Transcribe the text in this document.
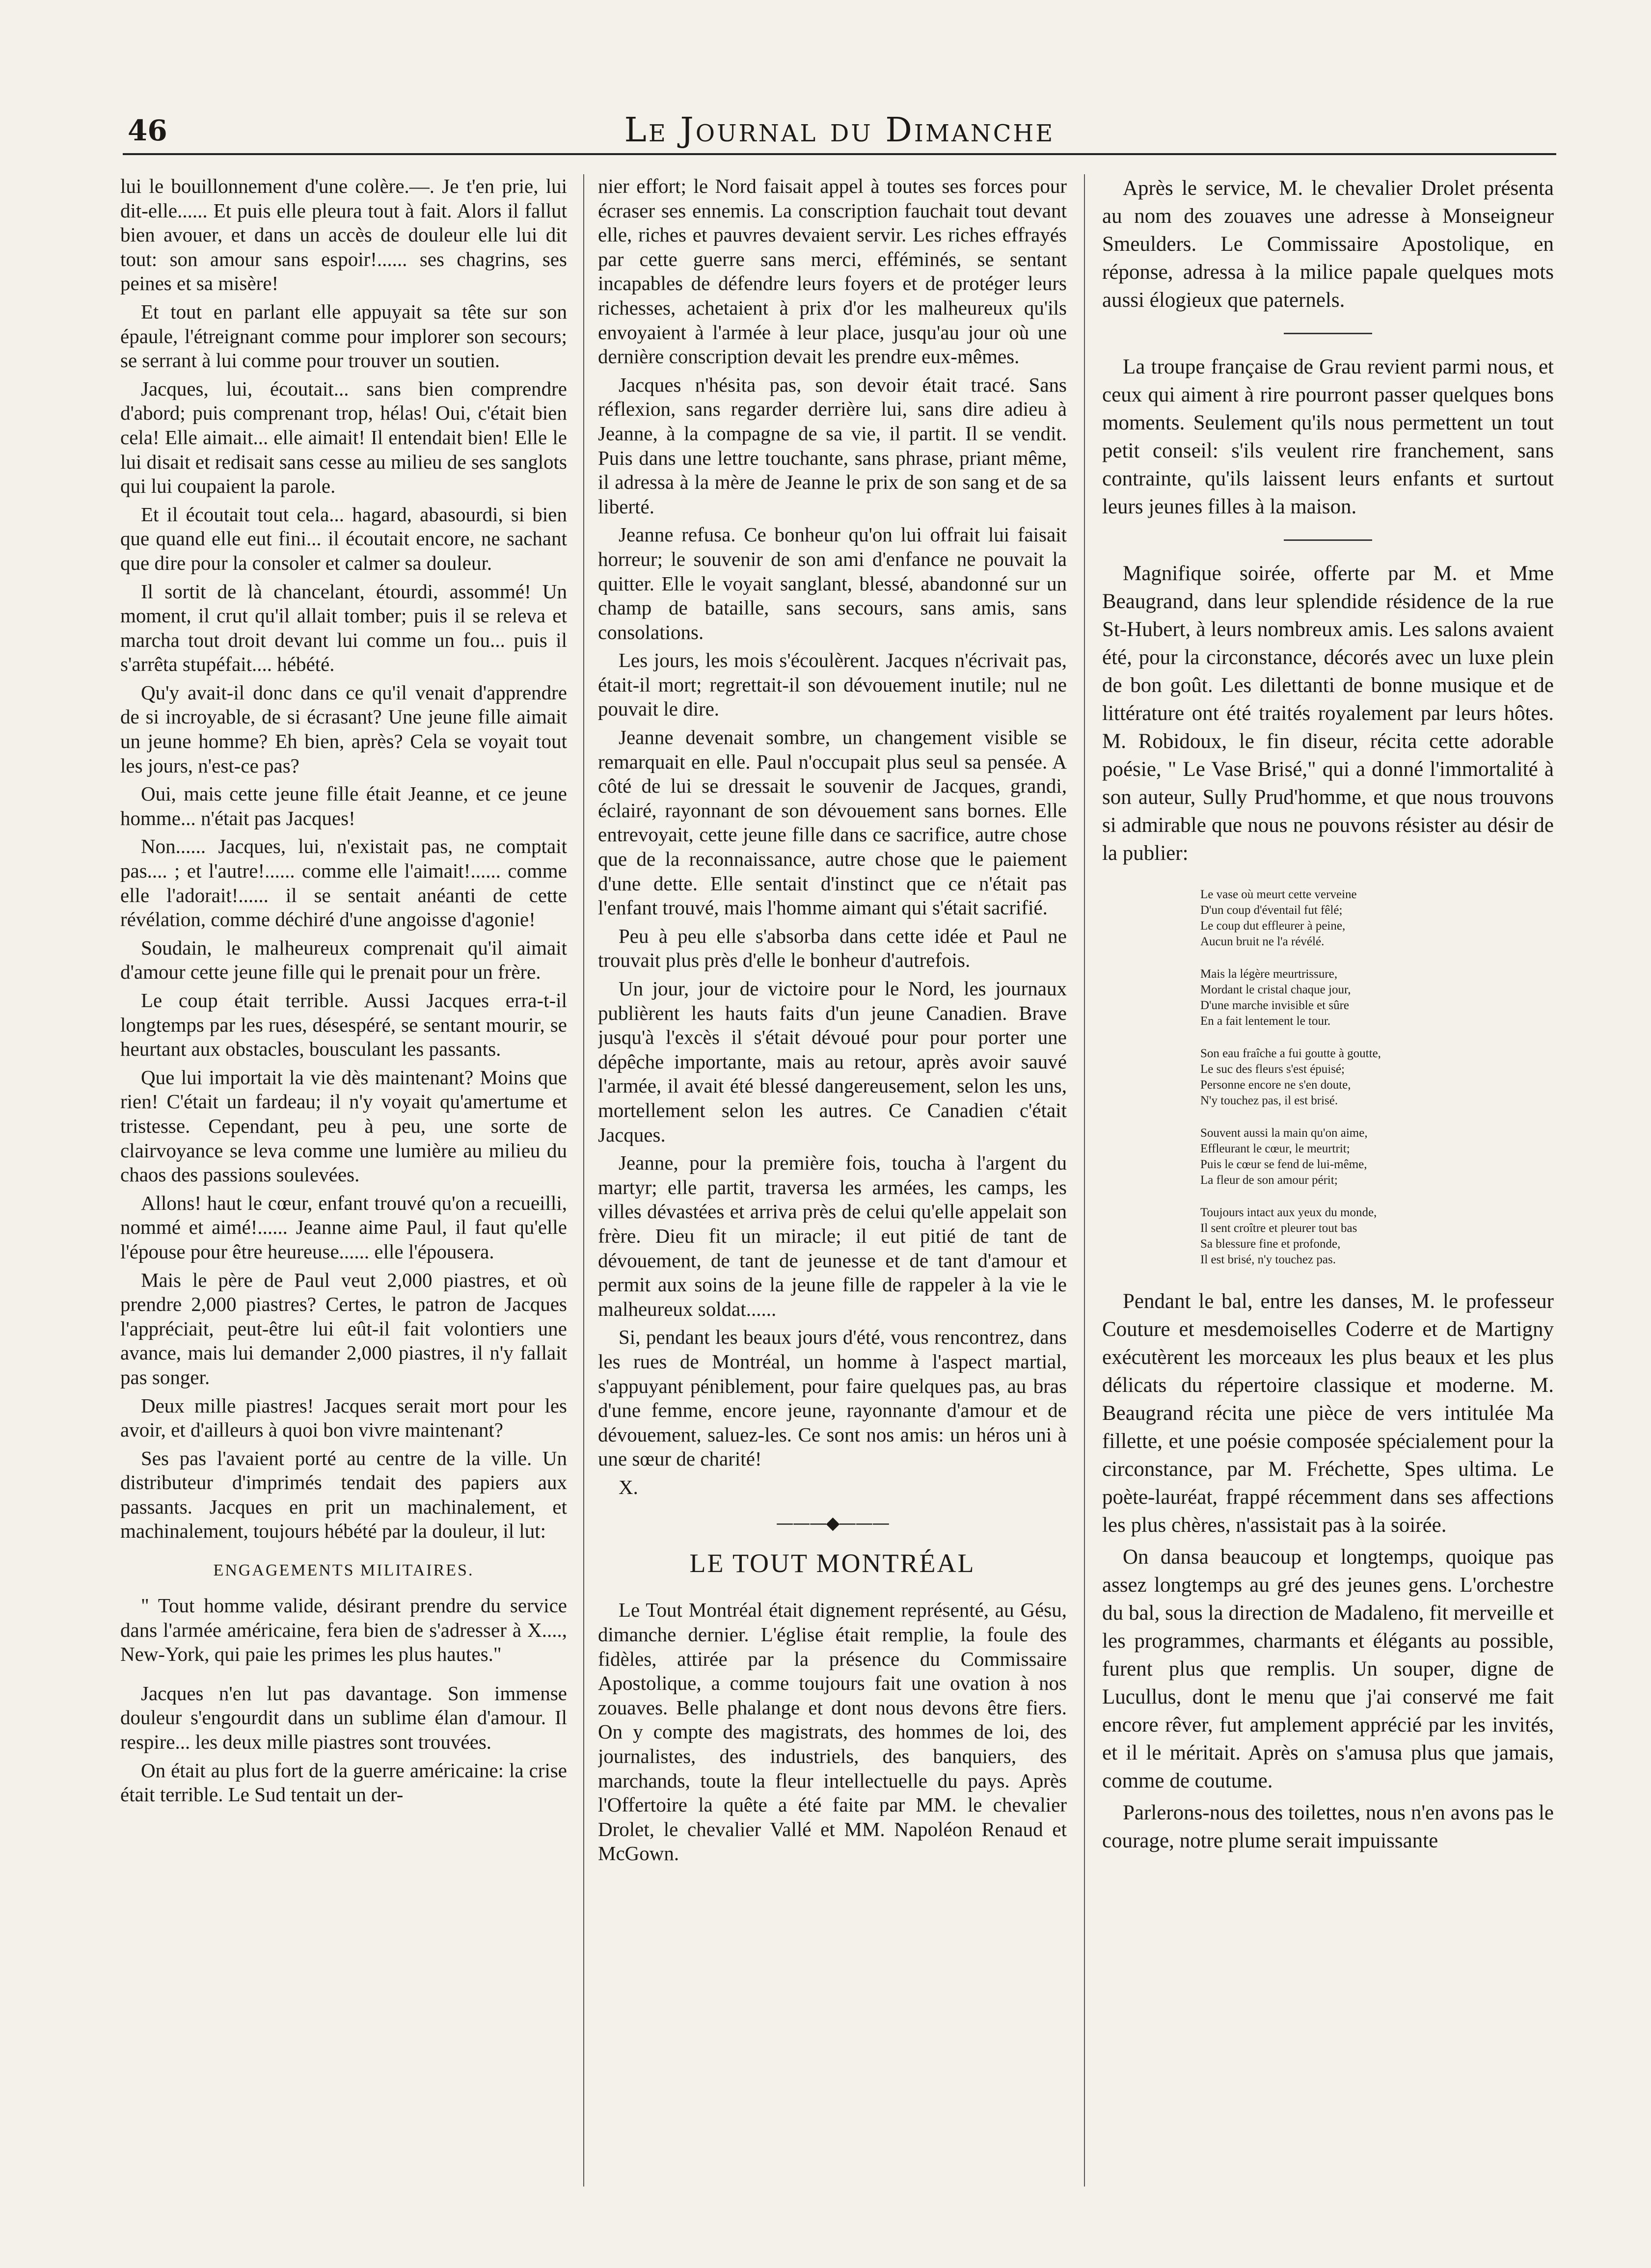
46	Le Journal du Dimanche

lui le bouillonnement d'une colère.—. Je t'en prie, lui dit-elle...... Et puis elle pleura tout à fait. Alors il fallut bien avouer, et dans un accès de douleur elle lui dit tout: son amour sans espoir!...... ses chagrins, ses peines et sa misère!

Et tout en parlant elle appuyait sa tête sur son épaule, l'étreignant comme pour implorer son secours; se serrant à lui comme pour trouver un soutien.

Jacques, lui, écoutait... sans bien comprendre d'abord; puis comprenant trop, hélas! Oui, c'était bien cela! Elle aimait... elle aimait! Il entendait bien! Elle le lui disait et redisait sans cesse au milieu de ses sanglots qui lui coupaient la parole.

Et il écoutait tout cela... hagard, abasourdi, si bien que quand elle eut fini... il écoutait encore, ne sachant que dire pour la consoler et calmer sa douleur.

Il sortit de là chancelant, étourdi, assommé! Un moment, il crut qu'il allait tomber; puis il se releva et marcha tout droit devant lui comme un fou... puis il s'arrêta stupéfait.... hébété.

Qu'y avait-il donc dans ce qu'il venait d'apprendre de si incroyable, de si écrasant? Une jeune fille aimait un jeune homme? Eh bien, après? Cela se voyait tout les jours, n'est-ce pas?

Oui, mais cette jeune fille était Jeanne, et ce jeune homme... n'était pas Jacques!

Non...... Jacques, lui, n'existait pas, ne comptait pas.... ; et l'autre!...... comme elle l'aimait!...... comme elle l'adorait!...... il se sentait anéanti de cette révélation, comme déchiré d'une angoisse d'agonie!

Soudain, le malheureux comprenait qu'il aimait d'amour cette jeune fille qui le prenait pour un frère.

Le coup était terrible. Aussi Jacques erra-t-il longtemps par les rues, désespéré, se sentant mourir, se heurtant aux obstacles, bousculant les passants.

Que lui importait la vie dès maintenant? Moins que rien! C'était un fardeau; il n'y voyait qu'amertume et tristesse. Cependant, peu à peu, une sorte de clairvoyance se leva comme une lumière au milieu du chaos des passions soulevées.

Allons! haut le cœur, enfant trouvé qu'on a recueilli, nommé et aimé!...... Jeanne aime Paul, il faut qu'elle l'épouse pour être heureuse...... elle l'épousera.

Mais le père de Paul veut 2,000 piastres, et où prendre 2,000 piastres? Certes, le patron de Jacques l'appréciait, peut-être lui eût-il fait volontiers une avance, mais lui demander 2,000 piastres, il n'y fallait pas songer.

Deux mille piastres! Jacques serait mort pour les avoir, et d'ailleurs à quoi bon vivre maintenant?

Ses pas l'avaient porté au centre de la ville. Un distributeur d'imprimés tendait des papiers aux passants. Jacques en prit un machinalement, et machinalement, toujours hébété par la douleur, il lut:

ENGAGEMENTS MILITAIRES.

" Tout homme valide, désirant prendre du service dans l'armée américaine, fera bien de s'adresser à X...., New-York, qui paie les primes les plus hautes."

Jacques n'en lut pas davantage. Son immense douleur s'engourdit dans un sublime élan d'amour. Il respire... les deux mille piastres sont trouvées.

On était au plus fort de la guerre américaine: la crise était terrible. Le Sud tentait un der-

nier effort; le Nord faisait appel à toutes ses forces pour écraser ses ennemis. La conscription fauchait tout devant elle, riches et pauvres devaient servir. Les riches effrayés par cette guerre sans merci, efféminés, se sentant incapables de défendre leurs foyers et de protéger leurs richesses, achetaient à prix d'or les malheureux qu'ils envoyaient à l'armée à leur place, jusqu'au jour où une dernière conscription devait les prendre eux-mêmes.

Jacques n'hésita pas, son devoir était tracé. Sans réflexion, sans regarder derrière lui, sans dire adieu à Jeanne, à la compagne de sa vie, il partit. Il se vendit. Puis dans une lettre touchante, sans phrase, priant même, il adressa à la mère de Jeanne le prix de son sang et de sa liberté.

Jeanne refusa. Ce bonheur qu'on lui offrait lui faisait horreur; le souvenir de son ami d'enfance ne pouvait la quitter. Elle le voyait sanglant, blessé, abandonné sur un champ de bataille, sans secours, sans amis, sans consolations.

Les jours, les mois s'écoulèrent. Jacques n'écrivait pas, était-il mort; regrettait-il son dévouement inutile; nul ne pouvait le dire.

Jeanne devenait sombre, un changement visible se remarquait en elle. Paul n'occupait plus seul sa pensée. A côté de lui se dressait le souvenir de Jacques, grandi, éclairé, rayonnant de son dévouement sans bornes. Elle entrevoyait, cette jeune fille dans ce sacrifice, autre chose que de la reconnaissance, autre chose que le paiement d'une dette. Elle sentait d'instinct que ce n'était pas l'enfant trouvé, mais l'homme aimant qui s'était sacrifié.

Peu à peu elle s'absorba dans cette idée et Paul ne trouvait plus près d'elle le bonheur d'autrefois.

Un jour, jour de victoire pour le Nord, les journaux publièrent les hauts faits d'un jeune Canadien. Brave jusqu'à l'excès il s'était dévoué pour pour porter une dépêche importante, mais au retour, après avoir sauvé l'armée, il avait été blessé dangereusement, selon les uns, mortellement selon les autres. Ce Canadien c'était Jacques.

Jeanne, pour la première fois, toucha à l'argent du martyr; elle partit, traversa les armées, les camps, les villes dévastées et arriva près de celui qu'elle appelait son frère. Dieu fit un miracle; il eut pitié de tant de dévouement, de tant de jeunesse et de tant d'amour et permit aux soins de la jeune fille de rappeler à la vie le malheureux soldat......

Si, pendant les beaux jours d'été, vous rencontrez, dans les rues de Montréal, un homme à l'aspect martial, s'appuyant péniblement, pour faire quelques pas, au bras d'une femme, encore jeune, rayonnante d'amour et de dévouement, saluez-les. Ce sont nos amis: un héros uni à une sœur de charité!

X.

———◆———
LE TOUT MONTRÉAL

Le Tout Montréal était dignement représenté, au Gésu, dimanche dernier. L'église était remplie, la foule des fidèles, attirée par la présence du Commissaire Apostolique, a comme toujours fait une ovation à nos zouaves. Belle phalange et dont nous devons être fiers. On y compte des magistrats, des hommes de loi, des journalistes, des industriels, des banquiers, des marchands, toute la fleur intellectuelle du pays. Après l'Offertoire la quête a été faite par MM. le chevalier Drolet, le chevalier Vallé et MM. Napoléon Renaud et McGown.

Après le service, M. le chevalier Drolet présenta au nom des zouaves une adresse à Monseigneur Smeulders. Le Commissaire Apostolique, en réponse, adressa à la milice papale quelques mots aussi élogieux que paternels.

La troupe française de Grau revient parmi nous, et ceux qui aiment à rire pourront passer quelques bons moments. Seulement qu'ils nous permettent un tout petit conseil: s'ils veulent rire franchement, sans contrainte, qu'ils laissent leurs enfants et surtout leurs jeunes filles à la maison.

Magnifique soirée, offerte par M. et Mme Beaugrand, dans leur splendide résidence de la rue St-Hubert, à leurs nombreux amis. Les salons avaient été, pour la circonstance, décorés avec un luxe plein de bon goût. Les dilettanti de bonne musique et de littérature ont été traités royalement par leurs hôtes. M. Robidoux, le fin diseur, récita cette adorable poésie, " Le Vase Brisé," qui a donné l'immortalité à son auteur, Sully Prud'homme, et que nous trouvons si admirable que nous ne pouvons résister au désir de la publier:

Le vase où meurt cette verveine
D'un coup d'éventail fut fêlé;
Le coup dut effleurer à peine,
Aucun bruit ne l'a révélé.
Mais la légère meurtrissure,
Mordant le cristal chaque jour,
D'une marche invisible et sûre
En a fait lentement le tour.
Son eau fraîche a fui goutte à goutte,
Le suc des fleurs s'est épuisé;
Personne encore ne s'en doute,
N'y touchez pas, il est brisé.
Souvent aussi la main qu'on aime,
Effleurant le cœur, le meurtrit;
Puis le cœur se fend de lui-même,
La fleur de son amour périt;
Toujours intact aux yeux du monde,
Il sent croître et pleurer tout bas
Sa blessure fine et profonde,
Il est brisé, n'y touchez pas.

Pendant le bal, entre les danses, M. le professeur Couture et mesdemoiselles Coderre et de Martigny exécutèrent les morceaux les plus beaux et les plus délicats du répertoire classique et moderne. M. Beaugrand récita une pièce de vers intitulée Ma fillette, et une poésie composée spécialement pour la circonstance, par M. Fréchette, Spes ultima. Le poète-lauréat, frappé récemment dans ses affections les plus chères, n'assistait pas à la soirée.

On dansa beaucoup et longtemps, quoique pas assez longtemps au gré des jeunes gens. L'orchestre du bal, sous la direction de Madaleno, fit merveille et les programmes, charmants et élégants au possible, furent plus que remplis. Un souper, digne de Lucullus, dont le menu que j'ai conservé me fait encore rêver, fut amplement apprécié par les invités, et il le méritait. Après on s'amusa plus que jamais, comme de coutume.

Parlerons-nous des toilettes, nous n'en avons pas le courage, notre plume serait impuissante
